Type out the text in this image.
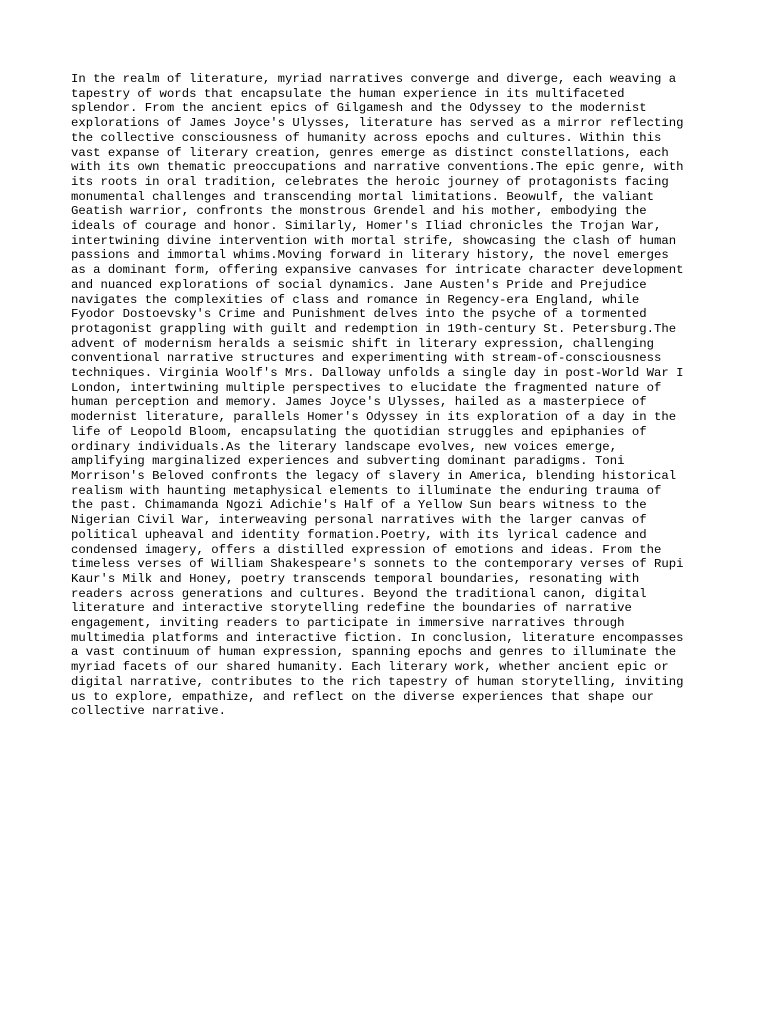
In the realm of literature, myriad narratives converge and diverge, each weaving a
tapestry of words that encapsulate the human experience in its multifaceted
splendor. From the ancient epics of Gilgamesh and the Odyssey to the modernist
explorations of James Joyce's Ulysses, literature has served as a mirror reflecting
the collective consciousness of humanity across epochs and cultures. Within this
vast expanse of literary creation, genres emerge as distinct constellations, each
with its own thematic preoccupations and narrative conventions.The epic genre, with
its roots in oral tradition, celebrates the heroic journey of protagonists facing
monumental challenges and transcending mortal limitations. Beowulf, the valiant
Geatish warrior, confronts the monstrous Grendel and his mother, embodying the
ideals of courage and honor. Similarly, Homer's Iliad chronicles the Trojan War,
intertwining divine intervention with mortal strife, showcasing the clash of human
passions and immortal whims.Moving forward in literary history, the novel emerges
as a dominant form, offering expansive canvases for intricate character development
and nuanced explorations of social dynamics. Jane Austen's Pride and Prejudice
navigates the complexities of class and romance in Regency-era England, while
Fyodor Dostoevsky's Crime and Punishment delves into the psyche of a tormented
protagonist grappling with guilt and redemption in 19th-century St. Petersburg.The
advent of modernism heralds a seismic shift in literary expression, challenging
conventional narrative structures and experimenting with stream-of-consciousness
techniques. Virginia Woolf's Mrs. Dalloway unfolds a single day in post-World War I
London, intertwining multiple perspectives to elucidate the fragmented nature of
human perception and memory. James Joyce's Ulysses, hailed as a masterpiece of
modernist literature, parallels Homer's Odyssey in its exploration of a day in the
life of Leopold Bloom, encapsulating the quotidian struggles and epiphanies of
ordinary individuals.As the literary landscape evolves, new voices emerge,
amplifying marginalized experiences and subverting dominant paradigms. Toni
Morrison's Beloved confronts the legacy of slavery in America, blending historical
realism with haunting metaphysical elements to illuminate the enduring trauma of
the past. Chimamanda Ngozi Adichie's Half of a Yellow Sun bears witness to the
Nigerian Civil War, interweaving personal narratives with the larger canvas of
political upheaval and identity formation.Poetry, with its lyrical cadence and
condensed imagery, offers a distilled expression of emotions and ideas. From the
timeless verses of William Shakespeare's sonnets to the contemporary verses of Rupi
Kaur's Milk and Honey, poetry transcends temporal boundaries, resonating with
readers across generations and cultures. Beyond the traditional canon, digital
literature and interactive storytelling redefine the boundaries of narrative
engagement, inviting readers to participate in immersive narratives through
multimedia platforms and interactive fiction. In conclusion, literature encompasses
a vast continuum of human expression, spanning epochs and genres to illuminate the
myriad facets of our shared humanity. Each literary work, whether ancient epic or
digital narrative, contributes to the rich tapestry of human storytelling, inviting
us to explore, empathize, and reflect on the diverse experiences that shape our
collective narrative.
